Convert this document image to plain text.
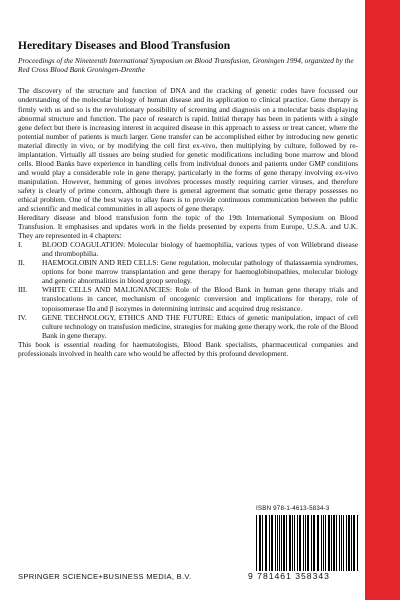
Hereditary Diseases and Blood Transfusion

Proceedings of the Nineteenth International Symposium on Blood Transfusion, Groningen 1994, organized by the Red Cross Blood Bank Groningen-Drenthe

The discovery of the structure and function of DNA and the cracking of genetic codes have focussed our understanding of the molecular biology of human disease and its application to clinical practice. Gene therapy is firmly with us and so is the revolutionary possibility of screening and diagnosis on a molecular basis displaying abnormal structure and function. The pace of research is rapid. Initial therapy has been in patients with a single gene defect but there is increasing interest in acquired disease in this approach to assess or treat cancer, where the potential number of patients is much larger. Gene transfer can be accomplished either by introducing new genetic material directly in vivo, or by modifying the cell first ex-vivo, then multiplying by culture, followed by re-implantation. Virtually all tissues are being studied for genetic modifications including bone marrow and blood cells. Blood Banks have experience in handling cells from individual donors and patients under GMP conditions and would play a considerable role in gene therapy, particularly in the forms of gene therapy involving ex-vivo manipulation. However, hemming of genes involves processes mostly requiring carrier viruses, and therefore safety is clearly of prime concern, although there is general agreement that somatic gene therapy possesses no ethical problem. One of the best ways to allay fears is to provide continuous communication between the public and scientific and medical communities in all aspects of gene therapy.

Hereditary disease and blood transfusion form the topic of the 19th International Symposium on Blood Transfusion. It emphasises and updates work in the fields presented by experts from Europe, U.S.A. and U.K. They are represented in 4 chapters:

I.	BLOOD COAGULATION: Molecular biology of haemophilia, various types of von Willebrand disease and thrombophilia.
II.	HAEMOGLOBIN AND RED CELLS: Gene regulation, molecular pathology of thalassaemia syndromes, options for bone marrow transplantation and gene therapy for haemoglobinopathies, molecular biology and genetic abnormalities in blood group serology.
III.	WHITE CELLS AND MALIGNANCIES: Role of the Blood Bank in human gene therapy trials and translocations in cancer, mechanism of oncogenic conversion and implications for therapy, role of topoisomerase IIα and β isozymes in determining intrinsic and acquired drug resistance.
IV.	GENE TECHNOLOGY, ETHICS AND THE FUTURE: Ethics of genetic manipulation, impact of cell culture technology on transfusion medicine, strategies for making gene therapy work, the role of the Blood Bank in gene therapy.

This book is essential reading for haematologists, Blood Bank specialists, pharmaceutical companies and professionals involved in health care who would be affected by this profound development.

ISBN 978-1-4613-5834-3
9 781461 358343
SPRINGER SCIENCE+BUSINESS MEDIA, B.V.
